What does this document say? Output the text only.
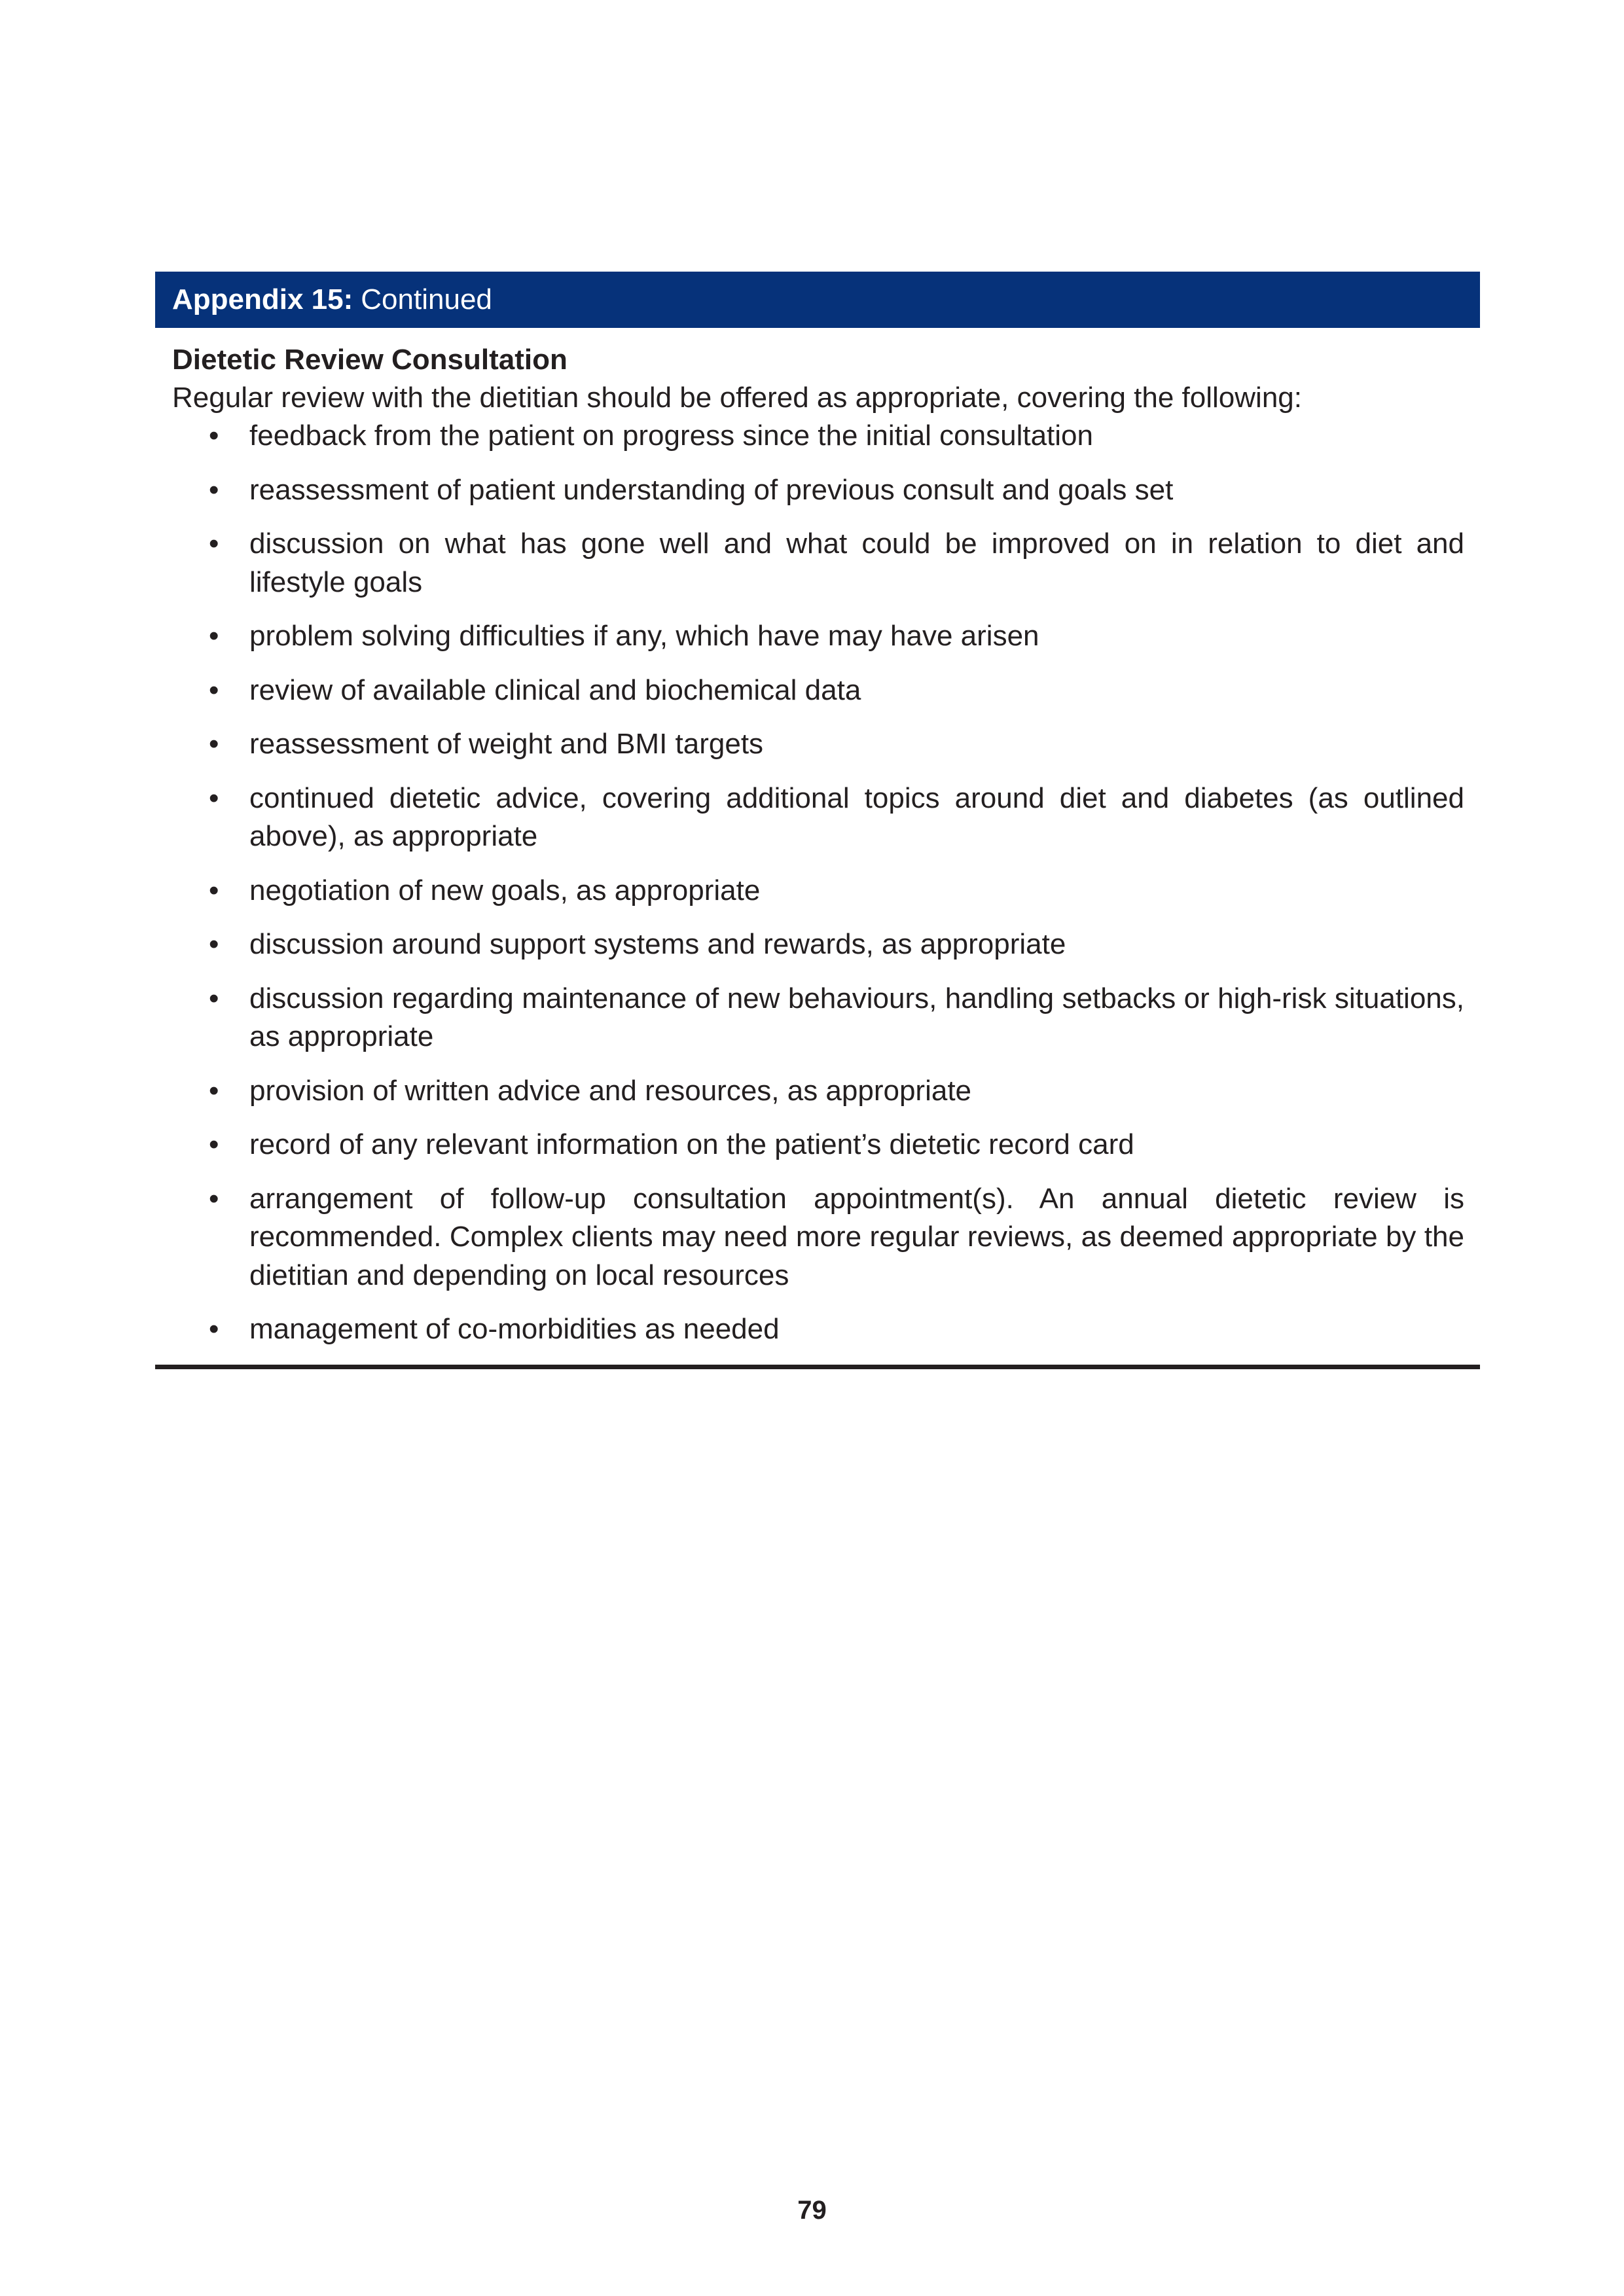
Appendix 15: Continued
Dietetic Review Consultation
Regular review with the dietitian should be offered as appropriate, covering the following:
• feedback from the patient on progress since the initial consultation
• reassessment of patient understanding of previous consult and goals set
• discussion on what has gone well and what could be improved on in relation to diet and lifestyle goals
• problem solving difficulties if any, which have may have arisen
• review of available clinical and biochemical data
• reassessment of weight and BMI targets
• continued dietetic advice, covering additional topics around diet and diabetes (as outlined above), as appropriate
• negotiation of new goals, as appropriate
• discussion around support systems and rewards, as appropriate
• discussion regarding maintenance of new behaviours, handling setbacks or high-risk situations, as appropriate
• provision of written advice and resources, as appropriate
• record of any relevant information on the patient’s dietetic record card
• arrangement of follow-up consultation appointment(s). An annual dietetic review is recommended. Complex clients may need more regular reviews, as deemed appropriate by the dietitian and depending on local resources
• management of co-morbidities as needed
79
